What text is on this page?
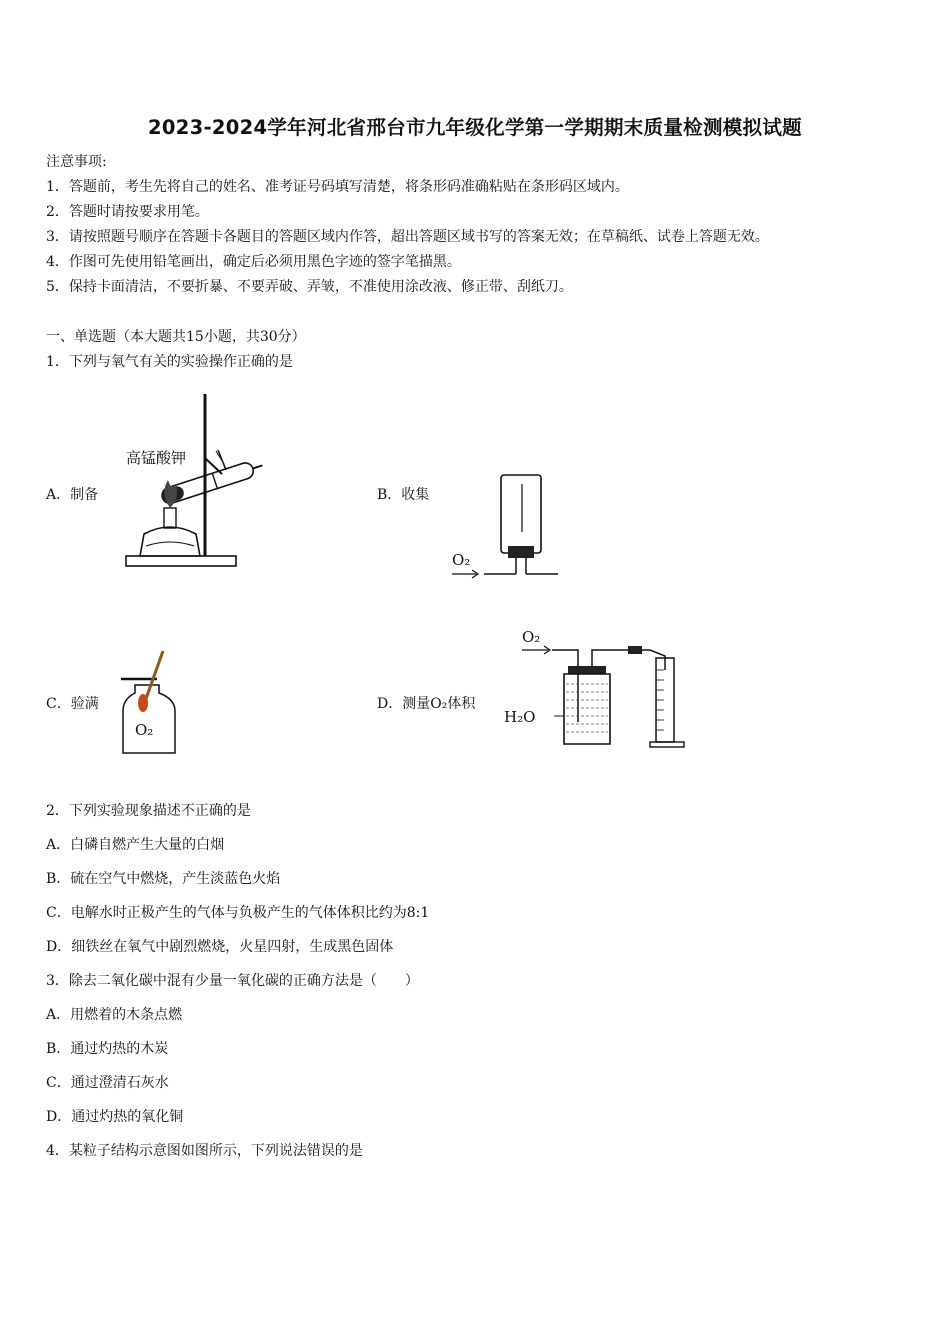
2023-2024学年河北省邢台市九年级化学第一学期期末质量检测模拟试题
注意事项:
1．答题前，考生先将自己的姓名、准考证号码填写清楚，将条形码准确粘贴在条形码区域内。
2．答题时请按要求用笔。
3．请按照题号顺序在答题卡各题目的答题区域内作答，超出答题区域书写的答案无效；在草稿纸、试卷上答题无效。
4．作图可先使用铅笔画出，确定后必须用黑色字迹的签字笔描黑。
5．保持卡面清洁，不要折暴、不要弄破、弄皱，不准使用涂改液、修正带、刮纸刀。
一、单选题（本大题共15小题，共30分）
1．下列与氧气有关的实验操作正确的是
A．制备	B．收集
C．验满	D．测量O₂体积
高锰酸钾
O₂
O₂
O₂
H₂O
2．下列实验现象描述不正确的是
A．白磷自燃产生大量的白烟
B．硫在空气中燃烧，产生淡蓝色火焰
C．电解水时正极产生的气体与负极产生的气体体积比约为8:1
D．细铁丝在氧气中剧烈燃烧，火星四射，生成黑色固体
3．除去二氧化碳中混有少量一氧化碳的正确方法是（　　）
A．用燃着的木条点燃
B．通过灼热的木炭
C．通过澄清石灰水
D．通过灼热的氧化铜
4．某粒子结构示意图如图所示，下列说法错误的是
